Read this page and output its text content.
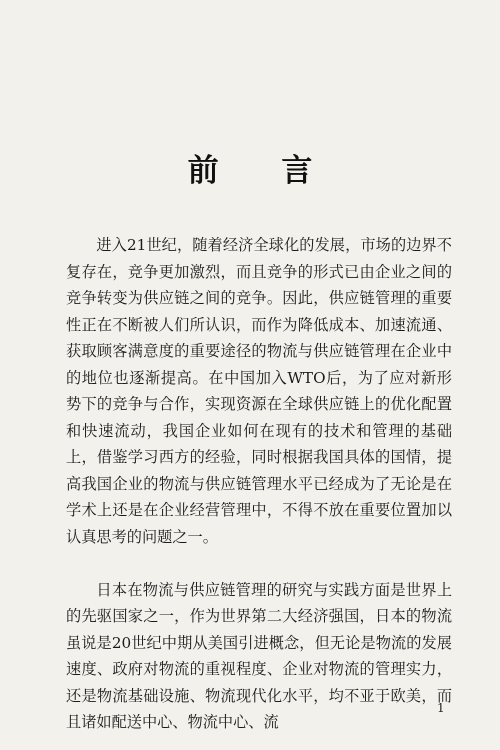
前 言

进入21世纪，随着经济全球化的发展，市场的边界不复存在，竞争更加激烈，而且竞争的形式已由企业之间的竞争转变为供应链之间的竞争。因此，供应链管理的重要性正在不断被人们所认识，而作为降低成本、加速流通、获取顾客满意度的重要途径的物流与供应链管理在企业中的地位也逐渐提高。在中国加入WTO后，为了应对新形势下的竞争与合作，实现资源在全球供应链上的优化配置和快速流动，我国企业如何在现有的技术和管理的基础上，借鉴学习西方的经验，同时根据我国具体的国情，提高我国企业的物流与供应链管理水平已经成为了无论是在学术上还是在企业经营管理中，不得不放在重要位置加以认真思考的问题之一。

日本在物流与供应链管理的研究与实践方面是世界上的先驱国家之一，作为世界第二大经济强国，日本的物流虽说是20世纪中期从美国引进概念，但无论是物流的发展速度、政府对物流的重视程度、企业对物流的管理实力，还是物流基础设施、物流现代化水平，均不亚于欧美，而且诸如配送中心、物流中心、流

1
